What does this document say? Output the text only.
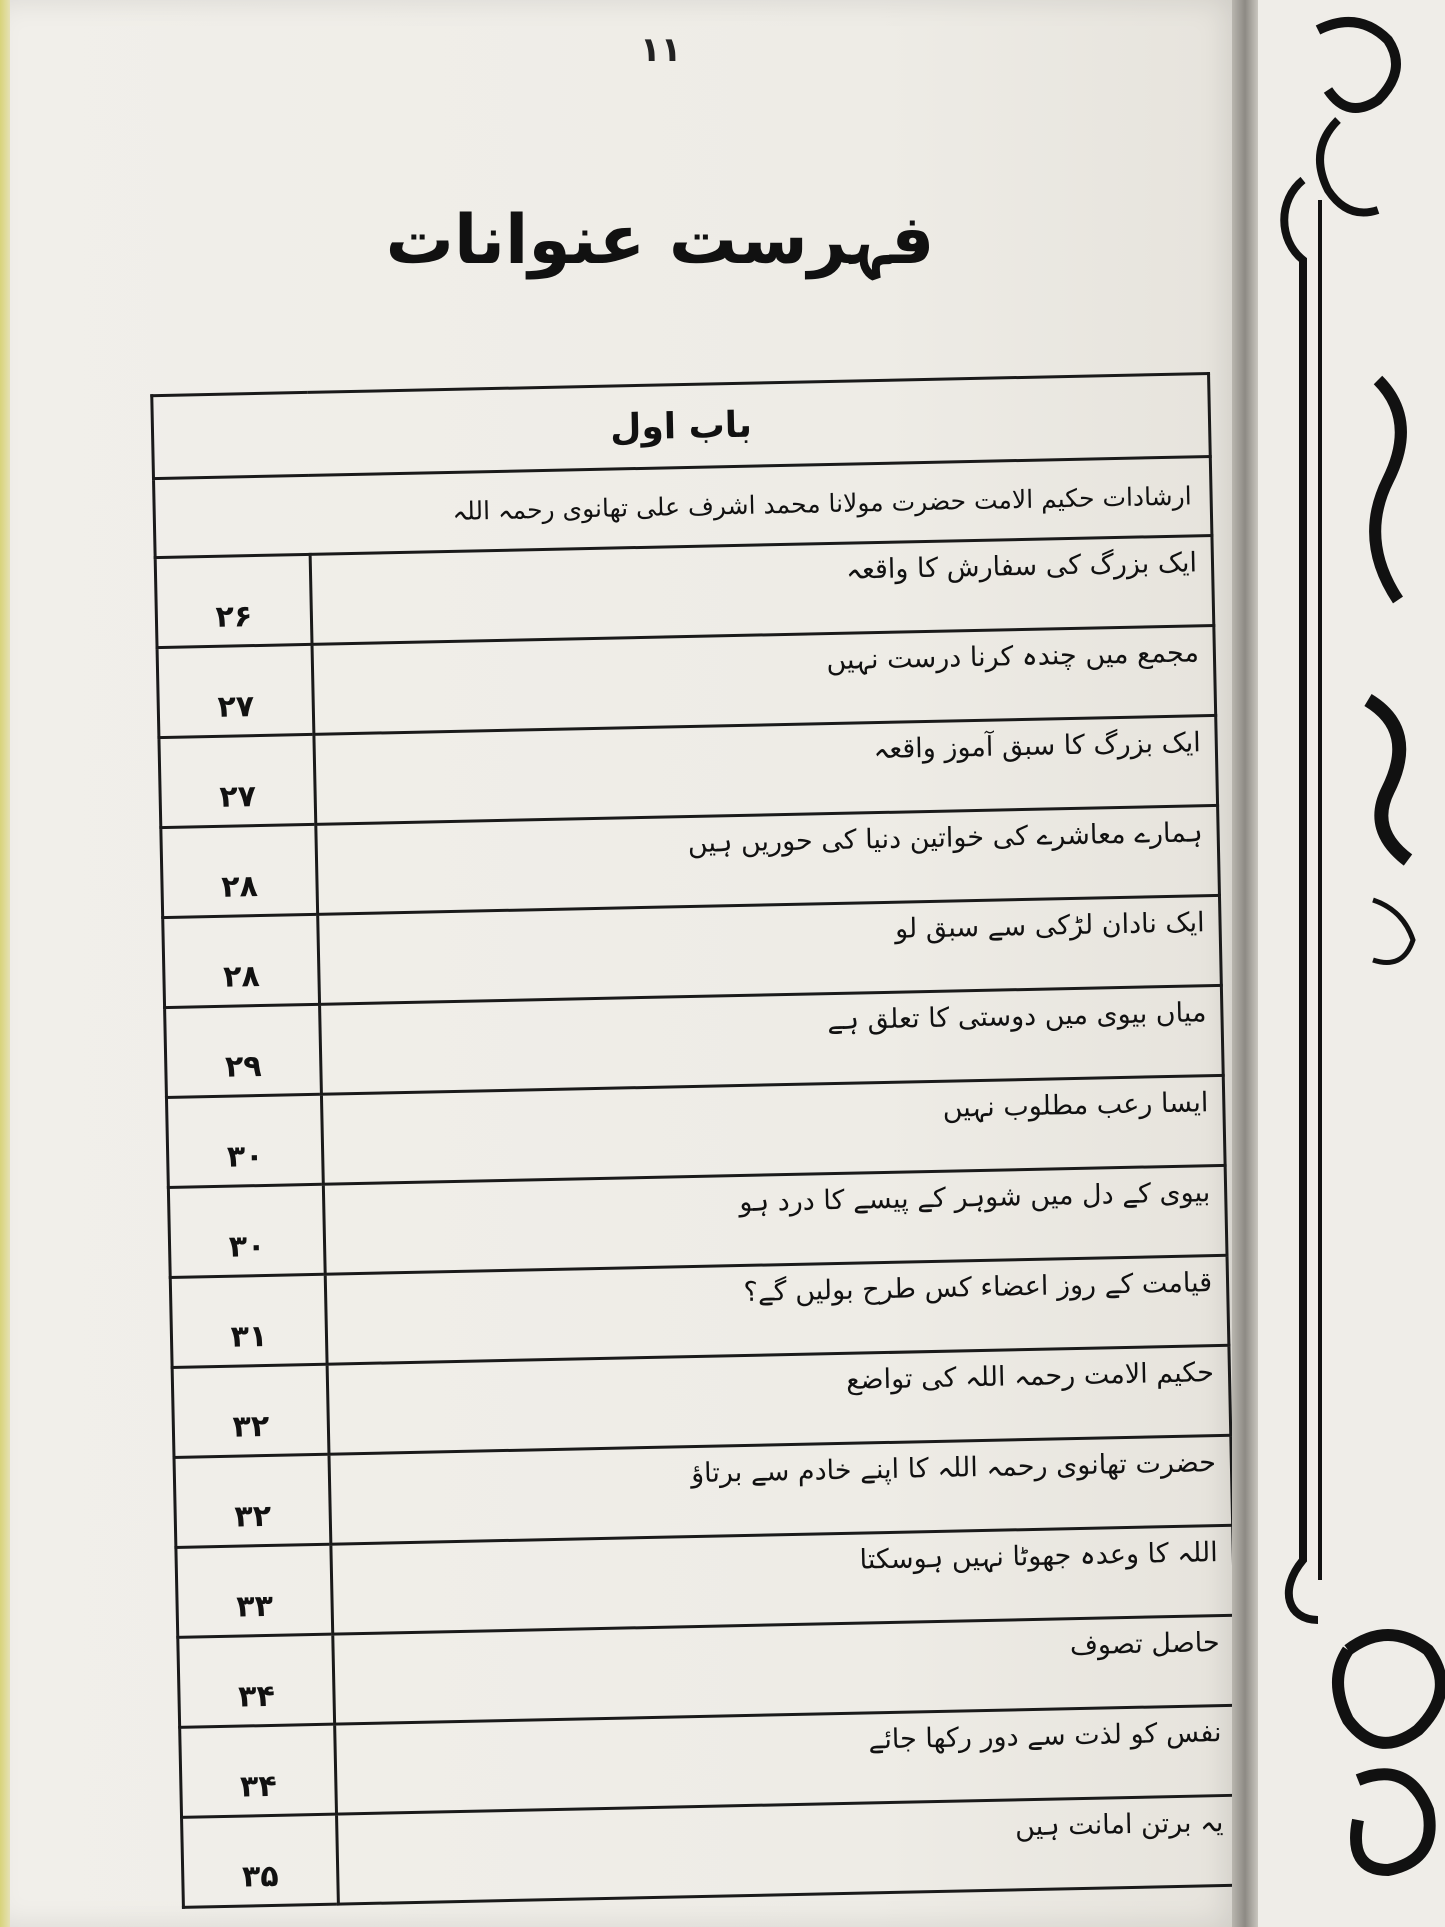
۱۱
فہرست عنوانات
باب اول	
ارشادات حکیم الامت حضرت مولانا محمد اشرف علی تھانوی رحمہ اللہ	
ایک بزرگ کی سفارش کا واقعہ	۲۶
مجمع میں چندہ کرنا درست نہیں	۲۷
ایک بزرگ کا سبق آموز واقعہ	۲۷
ہمارے معاشرے کی خواتین دنیا کی حوریں ہیں	۲۸
ایک نادان لڑکی سے سبق لو	۲۸
میاں بیوی میں دوستی کا تعلق ہے	۲۹
ایسا رعب مطلوب نہیں	۳۰
بیوی کے دل میں شوہر کے پیسے کا درد ہو	۳۰
قیامت کے روز اعضاء کس طرح بولیں گے؟	۳۱
حکیم الامت رحمہ اللہ کی تواضع	۳۲
حضرت تھانوی رحمہ اللہ کا اپنے خادم سے برتاؤ	۳۲
اللہ کا وعدہ جھوٹا نہیں ہوسکتا	۳۳
حاصل تصوف	۳۴
نفس کو لذت سے دور رکھا جائے	۳۴
یہ برتن امانت ہیں	۳۵
